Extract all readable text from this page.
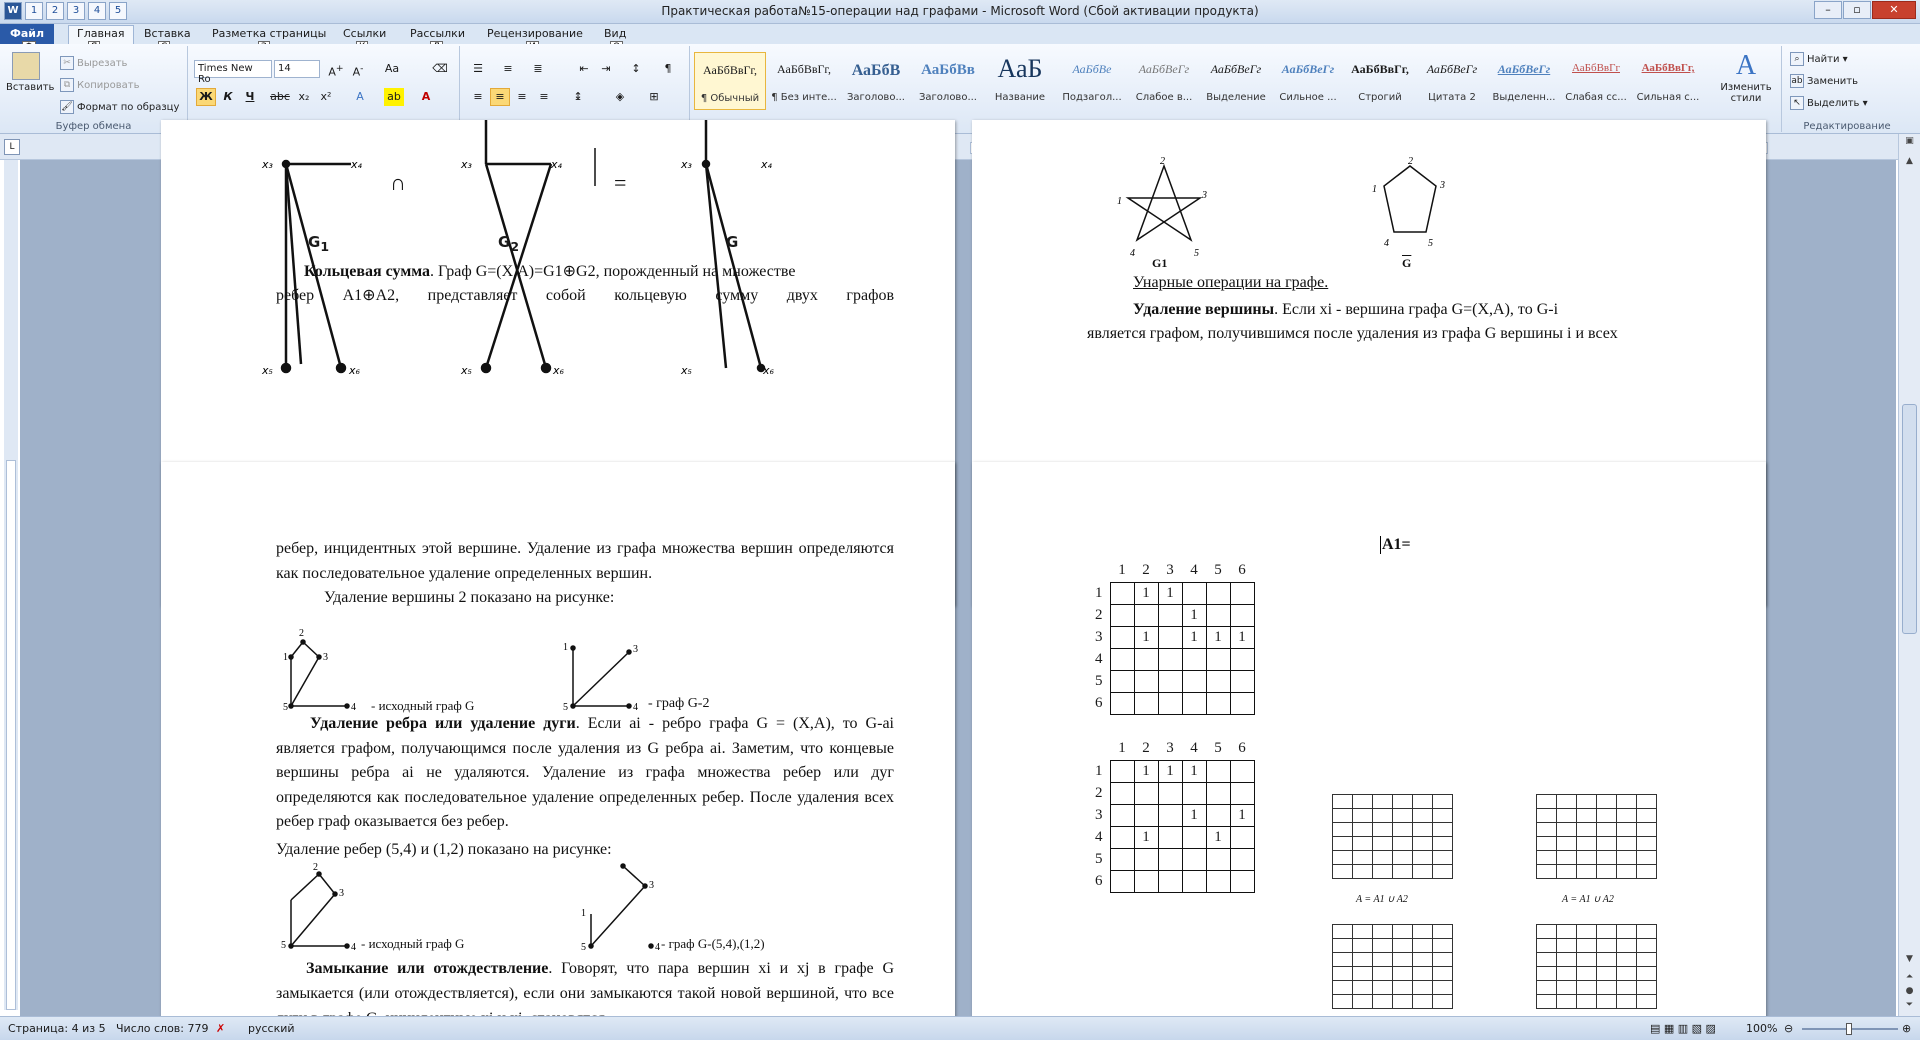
W	1	2	3	4	5	Практическая работа№15-операции над графами - Microsoft Word (Сбой активации продукта)	–	▫	✕
Файл	Главная	Вставка Разметка страницы Ссылки Рассылки Рецензирование Вид
Вставить
✂ Вырезать
⧉ Копировать
🖌 Формат по образцу
Буфер обмена
Times New Ro
14	A+ A-	Aa	⌫
Ж К	Ч	abc x₂	x²	A	ab	A
☰	≡	≣	⇤	⇥	↕	¶
≡	≡	≡	≡	↨	◈	⊞
АаБбВвГг,
¶ Обычный
АаБбВвГг,
¶ Без инте...
АаБбВ
Заголово...
АаБбВв
Заголово...
АаБ
Название
АаБбВе
Подзагол...
АаБбВеГг
Слабое в...
АаБбВеГг
Выделение
АаБбВеГг
Сильное ...
АаБбВвГг,
Строгий
АаБбВеГг
Цитата 2
АаБбВеГг
Выделенн...
АаБбВвГг
Слабая сс...
АаБбВвГг,
Сильная с...
A
Изменить стили
⌕ Найти ▾
ab Заменить
↖ Выделить ▾
Редактирование
L
x₃	x₄
x₅	x₆
x₃	x₄
x₅	x₆
x₃	x₄
x₅	x₆
∩	=
$G_1$	$G_2$	G
Кольцевая сумма. Граф G=(X,A)=G1⊕G2, порожденный на множестве

ребер A1⊕A2, представляет собой кольцевую сумму двух графов
2
3
1
4	5
2
3
1
4	5
G1	$\overline{G}$
Унарные операции на графе.
Удаление вершины. Если xi - вершина графа G=(X,A), то G-i

является графом, получившимся после удаления из графа G вершины i и всех
ребер, инцидентных этой вершине. Удаление из графа множества вершин определяются как последовательное удаление определенных вершин.
Удаление вершины 2 показано на рисунке:
1
2
3
5	4
1	3
5	4
- исходный граф G	- граф G-2
Удаление ребра или удаление дуги. Если ai - ребро графа G = (X,A), то G-ai является графом, получающимся после удаления из G ребра ai. Заметим, что концевые вершины ребра ai не удаляются. Удаление из графа множества ребер или дуг определяются как последовательное удаление определенных ребер. После удаления всех ребер граф оказывается без ребер.
Удаление ребер (5,4) и (1,2) показано на рисунке:
2
3
5	4
1
3
5	4
- исходный граф G	- граф G-(5,4),(1,2)
Замыкание или отождествление. Говорят, что пара вершин xi и xj в графе G замыкается (или отождествляется), если они замыкаются такой новой вершиной, что все
A1=
	1	2	3	4	5	6
1		1	1			
2				1		
3		1		1	1	1
4						
5						
6						
	1	2	3	4	5	6
1		1	1	1		
2						
3				1		1
4		1			1	
5						
6						

A = A1 ∪ A2	A = A1 ∪ A2

▣
▲
▼
⏶
●
⏷
Страница: 4 из 5 Число слов: 779 ✗ русский	▤ ▦ ▥ ▧ ▨	100% ⊖	⊕
